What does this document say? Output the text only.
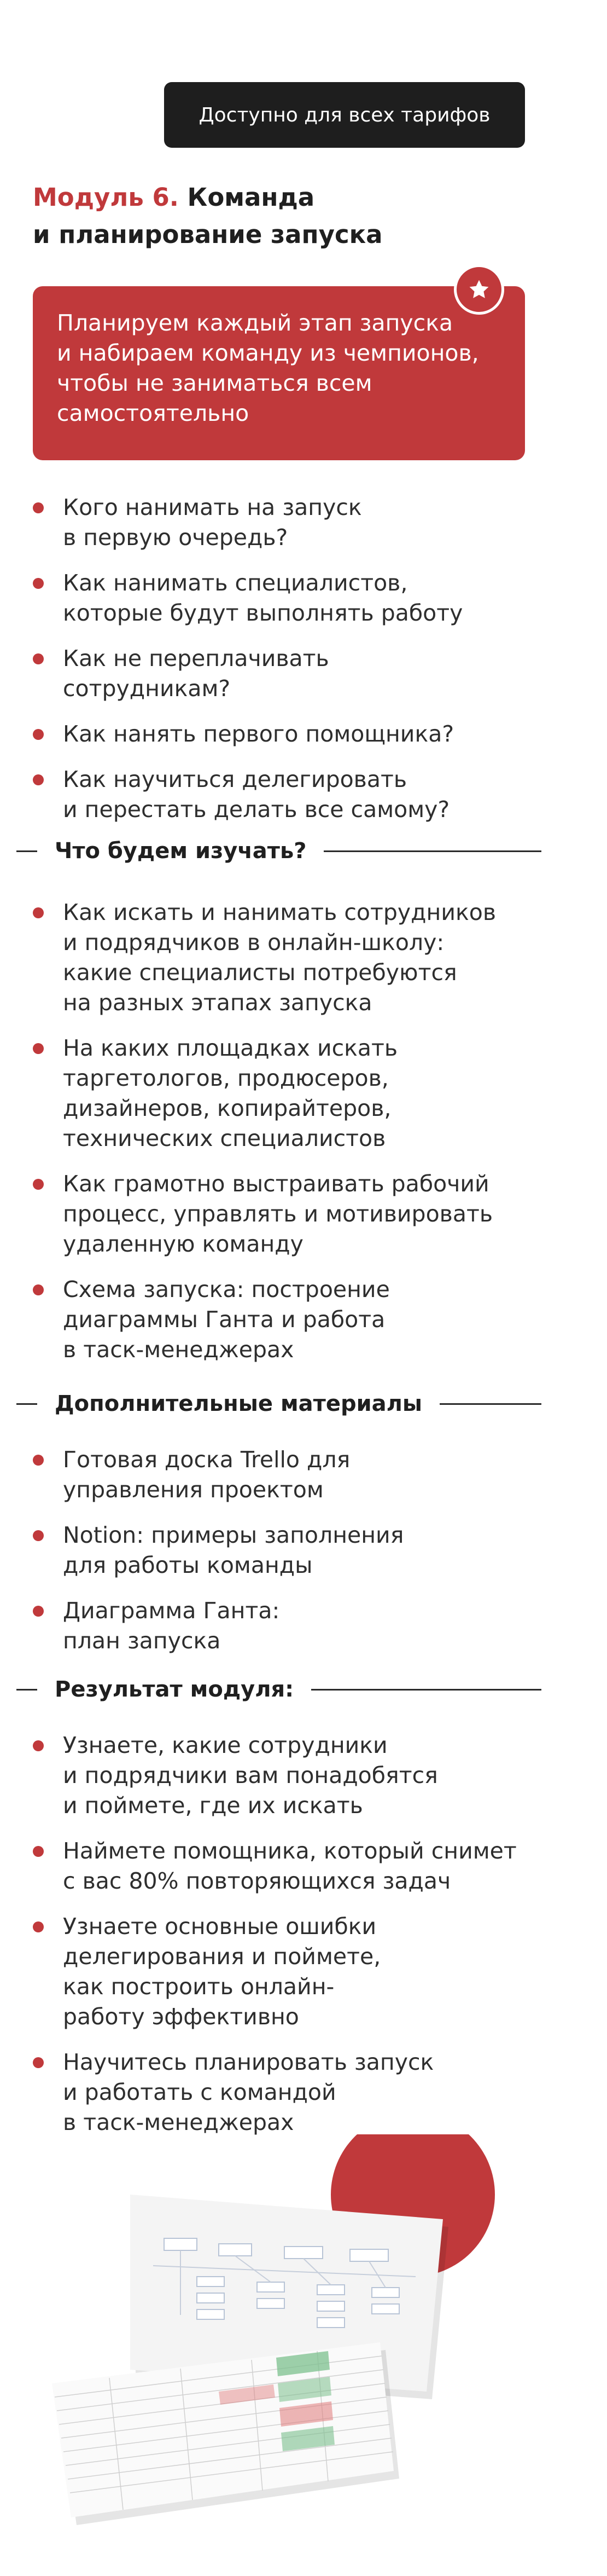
Доступно для всех тарифов
Модуль 6. Команда
и планирование запуска
Планируем каждый этап запуска
и набираем команду из чемпионов,
чтобы не заниматься всем
самостоятельно
Кого нанимать на запуск
в первую очередь?
Как нанимать специалистов,
которые будут выполнять работу
Как не переплачивать
сотрудникам?
Как нанять первого помощника?
Как научиться делегировать
и перестать делать все самому?
Что будем изучать?
Как искать и нанимать сотрудников
и подрядчиков в онлайн-школу:
какие специалисты потребуются
на разных этапах запуска
На каких площадках искать
таргетологов, продюсеров,
дизайнеров, копирайтеров,
технических специалистов
Как грамотно выстраивать рабочий
процесс, управлять и мотивировать
удаленную команду
Схема запуска: построение
диаграммы Ганта и работа
в таск-менеджерах
Дополнительные материалы
Готовая доска Trello для
управления проектом
Notion: примеры заполнения
для работы команды
Диаграмма Ганта:
план запуска
Результат модуля:
Узнаете, какие сотрудники
и подрядчики вам понадобятся
и поймете, где их искать
Наймете помощника, который снимет
с вас 80% повторяющихся задач
Узнаете основные ошибки
делегирования и поймете,
как построить онлайн-
работу эффективно
Научитесь планировать запуск
и работать с командой
в таск-менеджерах
